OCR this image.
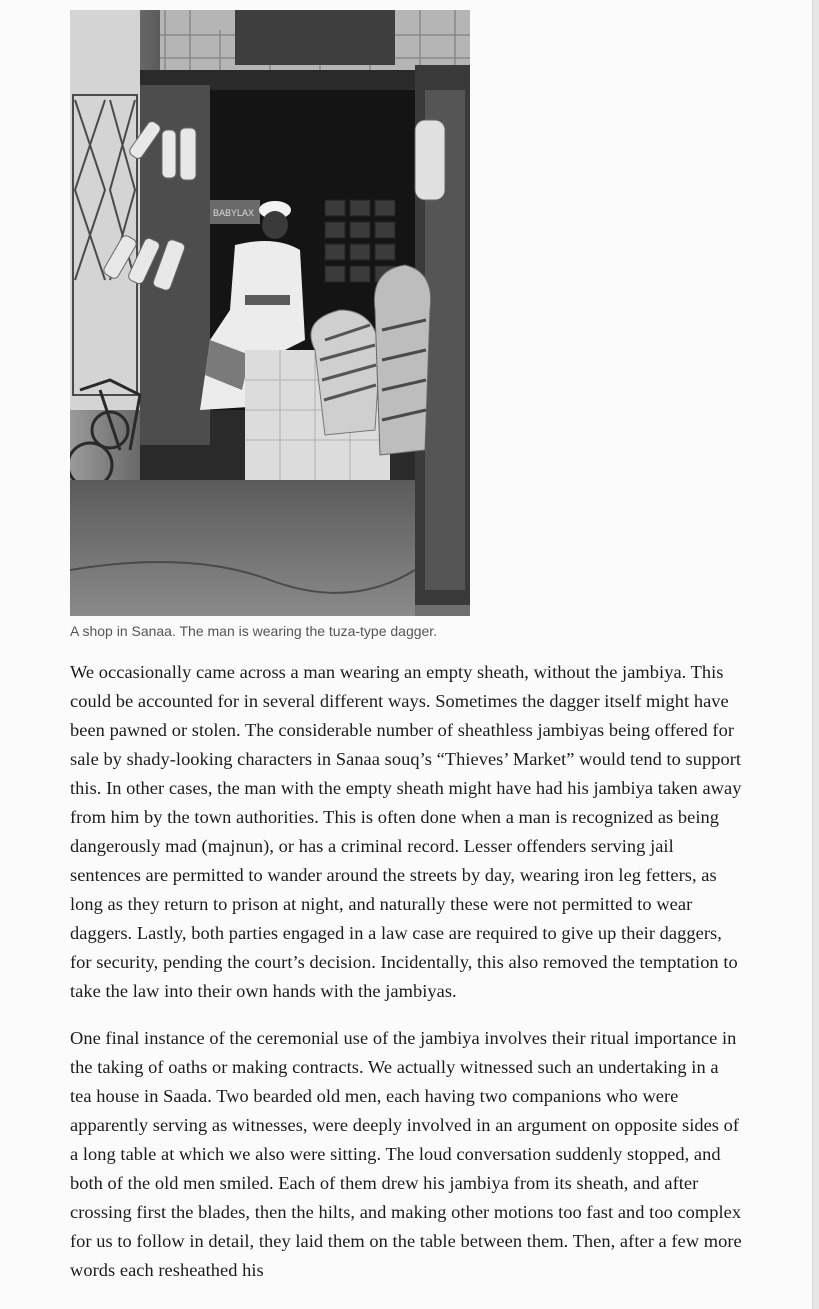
BABYLAX
A shop in Sanaa. The man is wearing the tuza-type dagger.

We occasionally came across a man wearing an empty sheath, without the jambiya. This could be accounted for in several different ways. Sometimes the dagger itself might have been pawned or stolen. The considerable number of sheathless jambiyas being offered for sale by shady-looking characters in Sanaa souq’s “Thieves’ Market” would tend to support this. In other cases, the man with the empty sheath might have had his jambiya taken away from him by the town authorities. This is often done when a man is recognized as being dangerously mad (majnun), or has a criminal record. Lesser offenders serving jail sentences are permitted to wander around the streets by day, wearing iron leg fetters, as long as they return to prison at night, and naturally these were not permitted to wear daggers. Lastly, both parties engaged in a law case are required to give up their daggers, for security, pending the court’s decision. Incidentally, this also removed the temptation to take the law into their own hands with the jambiyas.

One final instance of the ceremonial use of the jambiya involves their ritual importance in the taking of oaths or making contracts. We actually witnessed such an undertaking in a tea house in Saada. Two bearded old men, each having two companions who were apparently serving as witnesses, were deeply involved in an argument on opposite sides of a long table at which we also were sitting. The loud conversation suddenly stopped, and both of the old men smiled. Each of them drew his jambiya from its sheath, and after crossing first the blades, then the hilts, and making other motions too fast and too complex for us to follow in detail, they laid them on the table between them. Then, after a few more words each resheathed his
